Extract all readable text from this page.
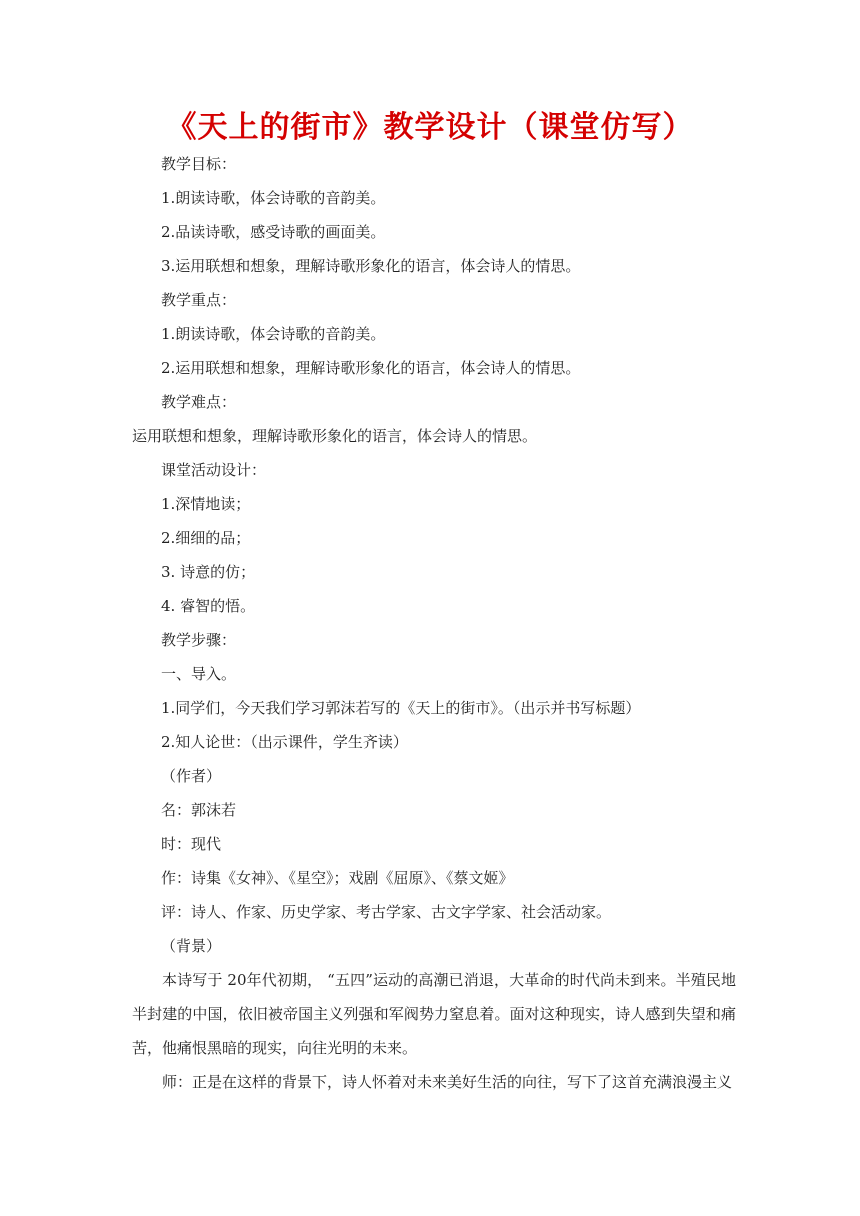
《天上的街市》教学设计（课堂仿写）
教学目标：
1.朗读诗歌，体会诗歌的音韵美。
2.品读诗歌，感受诗歌的画面美。
3.运用联想和想象，理解诗歌形象化的语言，体会诗人的情思。
教学重点：
1.朗读诗歌，体会诗歌的音韵美。
2.运用联想和想象，理解诗歌形象化的语言，体会诗人的情思。
教学难点：
运用联想和想象，理解诗歌形象化的语言，体会诗人的情思。
课堂活动设计：
1.深情地读；
2.细细的品；
3. 诗意的仿；
4. 睿智的悟。
教学步骤：
一、导入。
1.同学们，今天我们学习郭沫若写的《天上的街市》。（出示并书写标题）
2.知人论世：（出示课件，学生齐读）
（作者）
名：郭沫若
时：现代
作：诗集《女神》、《星空》；戏剧《屈原》、《蔡文姬》
评：诗人、作家、历史学家、考古学家、古文字学家、社会活动家。
（背景）

本诗写于 20年代初期， “五四”运动的高潮已消退，大革命的时代尚未到来。半殖民地半封建的中国，依旧被帝国主义列强和军阀势力窒息着。面对这种现实，诗人感到失望和痛苦，他痛恨黑暗的现实，向往光明的未来。

师：正是在这样的背景下，诗人怀着对未来美好生活的向往，写下了这首充满浪漫主义
